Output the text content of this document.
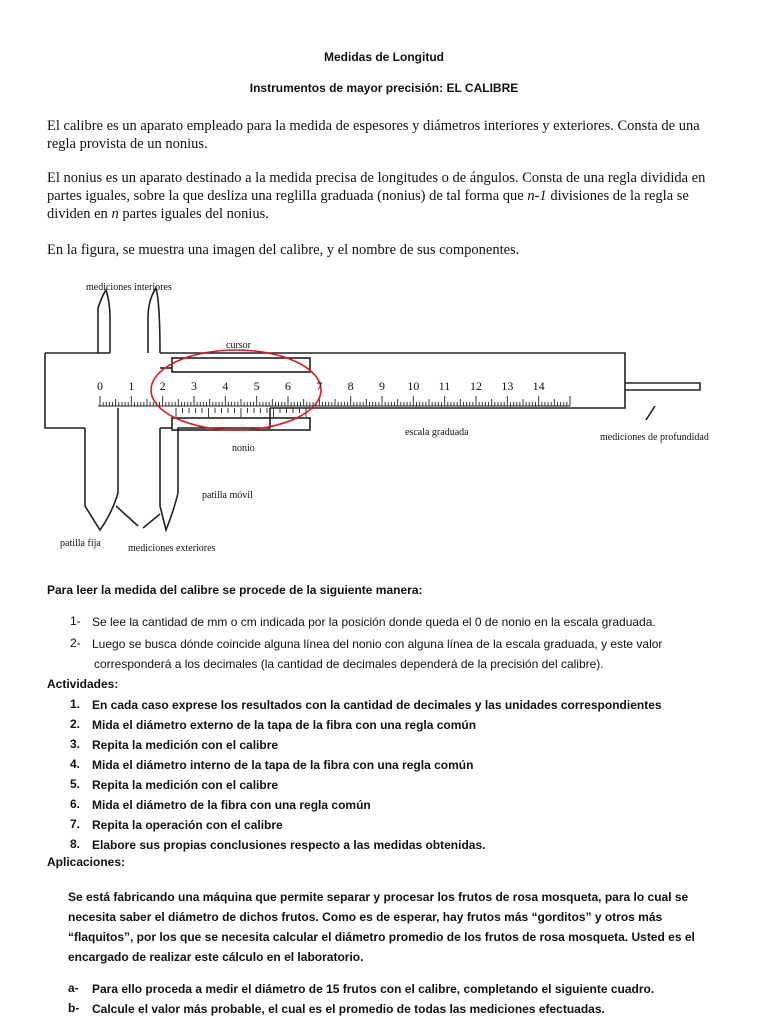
Medidas de Longitud
Instrumentos de mayor precisión: EL CALIBRE
El calibre es un aparato empleado para la medida de espesores y diámetros interiores y exteriores. Consta de una regla provista de un nonius.
El nonius es un aparato destinado a la medida precisa de longitudes o de ángulos. Consta de una regla dividida en partes iguales, sobre la que desliza una reglilla graduada (nonius) de tal forma que n-1 divisiones de la regla se dividen en n partes iguales del nonius.
En la figura, se muestra una imagen del calibre, y el nombre de sus componentes.
0 1 2 3 4 5 6 7 8 9 10 11 12 13 14
mediciones interiores
cursor
nonio
escala graduada	mediciones de profundidad
patilla móvil
patilla fija	mediciones exteriores
Para leer la medida del calibre se procede de la siguiente manera:
1- Se lee la cantidad de mm o cm indicada por la posición donde queda el 0 de nonio en la escala graduada.
2- Luego se busca dónde coincide alguna línea del nonio con alguna línea de la escala graduada, y este valor
corresponderá a los decimales (la cantidad de decimales dependerá de la precisión del calibre).
Actividades:
1. En cada caso exprese los resultados con la cantidad de decimales y las unidades correspondientes
2. Mida el diámetro externo de la tapa de la fibra con una regla común
3. Repita la medición con el calibre
4. Mida el diámetro interno de la tapa de la fibra con una regla común
5. Repita la medición con el calibre
6. Mida el diámetro de la fibra con una regla común
7. Repita la operación con el calibre
8. Elabore sus propias conclusiones respecto a las medidas obtenidas.
Aplicaciones:
Se está fabricando una máquina que permite separar y procesar los frutos de rosa mosqueta, para lo cual se
necesita saber el diámetro de dichos frutos. Como es de esperar, hay frutos más “gorditos” y otros más
“flaquitos”, por los que se necesita calcular el diámetro promedio de los frutos de rosa mosqueta. Usted es el
encargado de realizar este cálculo en el laboratorio.
a- Para ello proceda a medir el diámetro de 15 frutos con el calibre, completando el siguiente cuadro.
b- Calcule el valor más probable, el cual es el promedio de todas las mediciones efectuadas.
